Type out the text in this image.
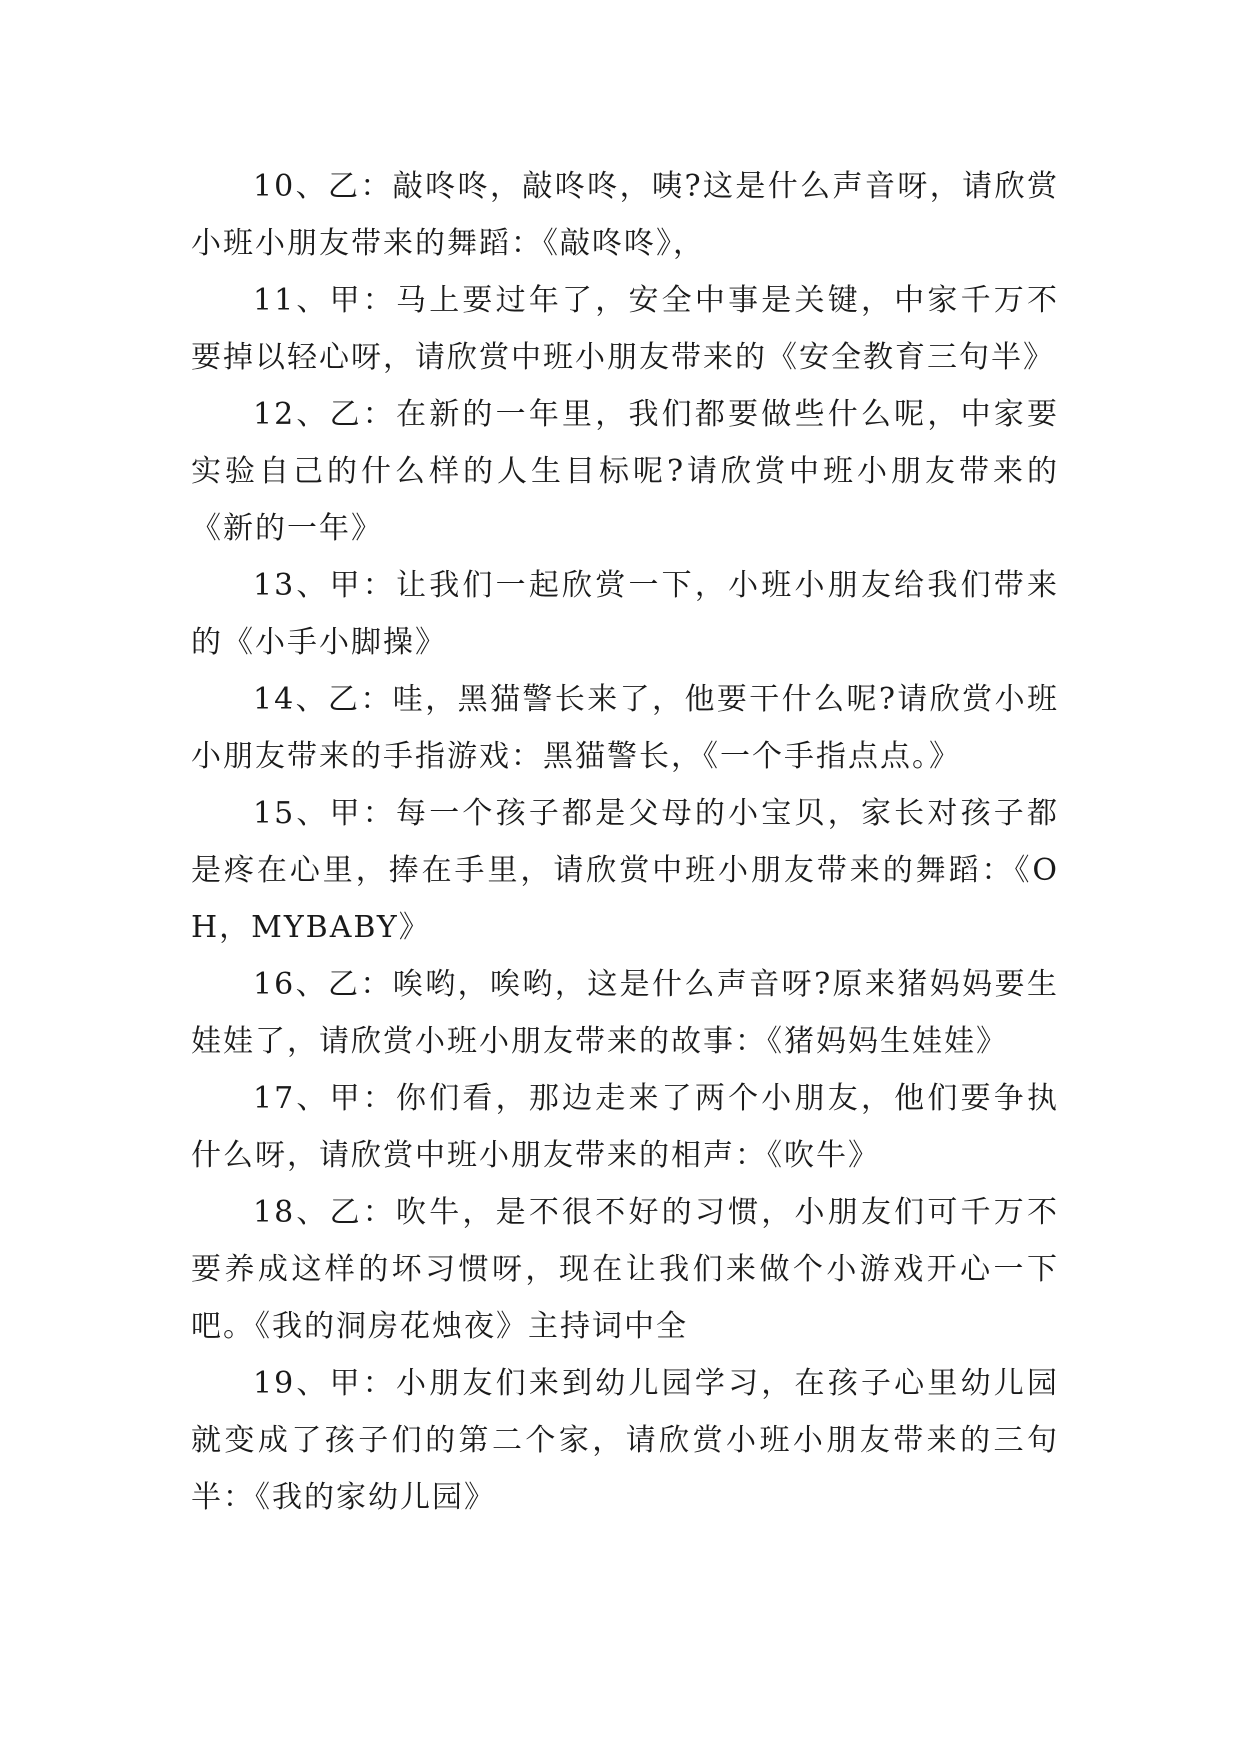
10、乙：敲咚咚，敲咚咚，咦?这是什么声音呀，请欣赏小班小朋友带来的舞蹈：《敲咚咚》，

11、甲：马上要过年了，安全中事是关键，中家千万不要掉以轻心呀，请欣赏中班小朋友带来的《安全教育三句半》

12、乙：在新的一年里，我们都要做些什么呢，中家要实验自己的什么样的人生目标呢?请欣赏中班小朋友带来的《新的一年》

13、甲：让我们一起欣赏一下，小班小朋友给我们带来的《小手小脚操》

14、乙：哇，黑猫警长来了，他要干什么呢?请欣赏小班小朋友带来的手指游戏：黑猫警长，《一个手指点点。》

15、甲：每一个孩子都是父母的小宝贝，家长对孩子都是疼在心里，捧在手里，请欣赏中班小朋友带来的舞蹈：《OH，MYBABY》

16、乙：唉哟，唉哟，这是什么声音呀?原来猪妈妈要生娃娃了，请欣赏小班小朋友带来的故事：《猪妈妈生娃娃》

17、甲：你们看，那边走来了两个小朋友，他们要争执什么呀，请欣赏中班小朋友带来的相声：《吹牛》

18、乙：吹牛，是不很不好的习惯，小朋友们可千万不要养成这样的坏习惯呀，现在让我们来做个小游戏开心一下吧。《我的洞房花烛夜》主持词中全

19、甲：小朋友们来到幼儿园学习，在孩子心里幼儿园就变成了孩子们的第二个家，请欣赏小班小朋友带来的三句半：《我的家幼儿园》
